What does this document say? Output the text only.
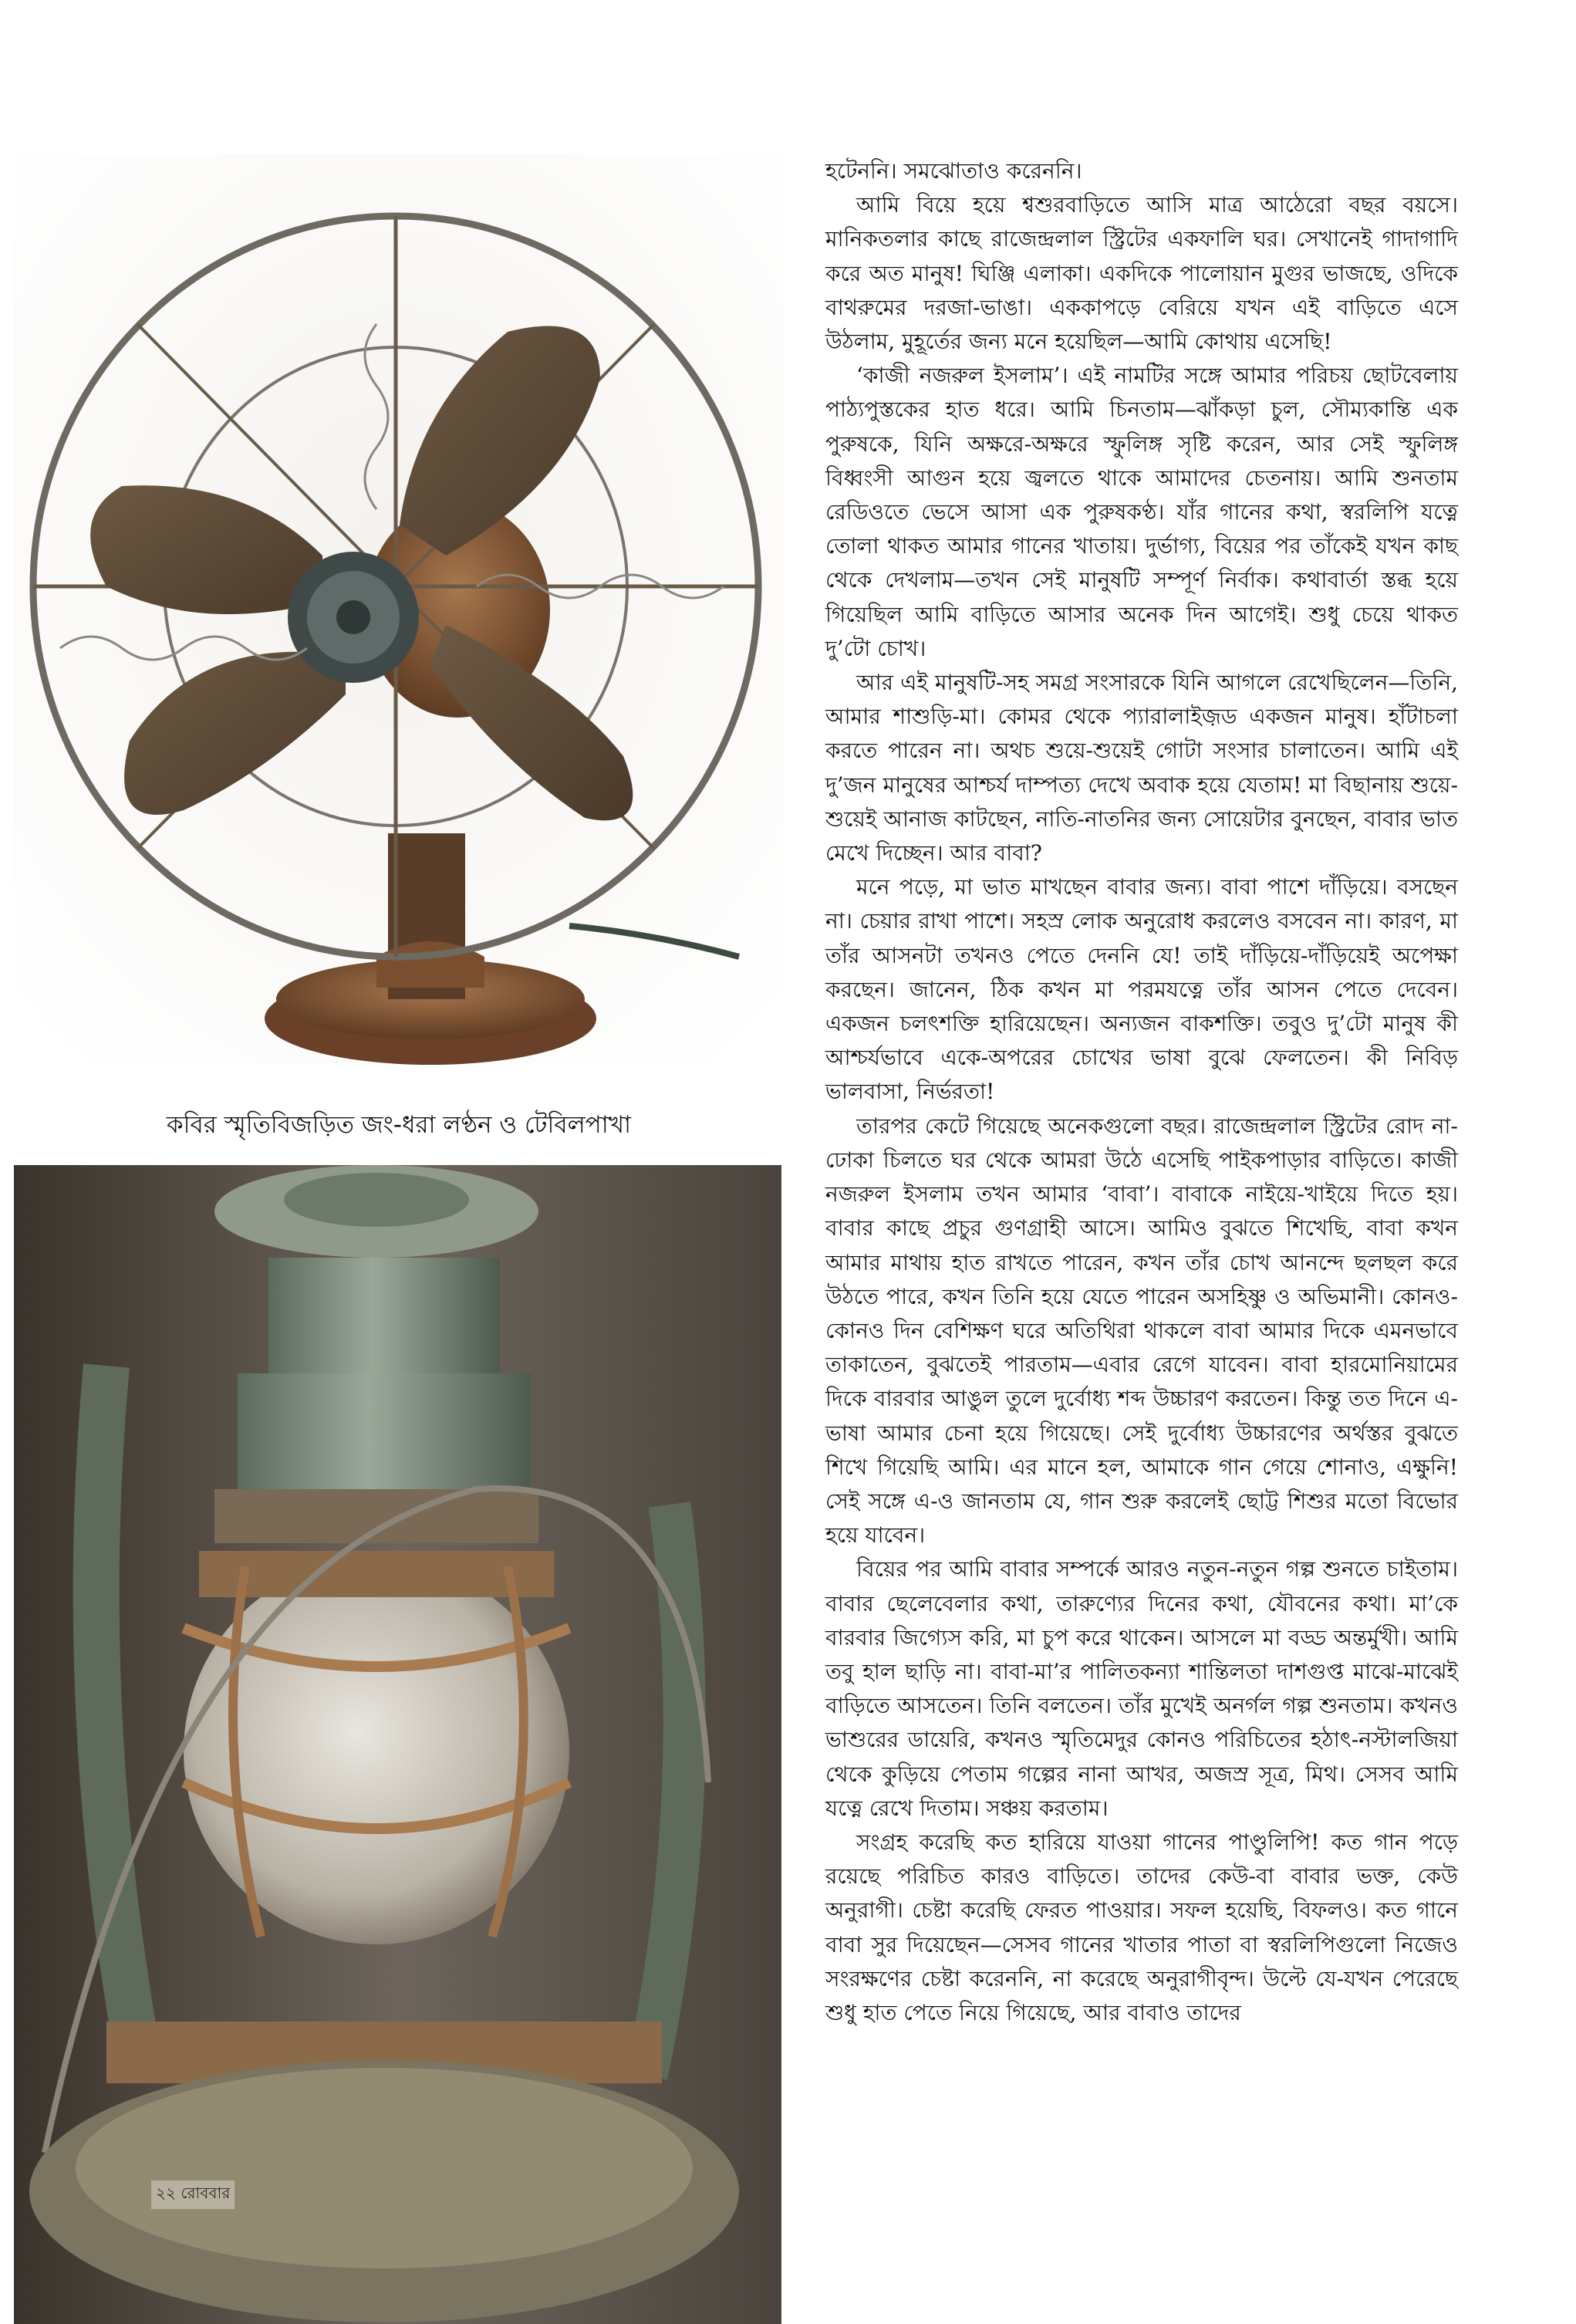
কবির স্মৃতিবিজড়িত জং-ধরা লণ্ঠন ও টেবিলপাখা
২২ রোববার

হটেননি। সমঝোতাও করেননি।

আমি বিয়ে হয়ে শ্বশুরবাড়িতে আসি মাত্র আঠেরো বছর বয়সে। মানিকতলার কাছে রাজেন্দ্রলাল স্ট্রিটের একফালি ঘর। সেখানেই গাদাগাদি করে অত মানুষ! ঘিঞ্জি এলাকা। একদিকে পালোয়ান মুগুর ভাজছে, ওদিকে বাথরুমের দরজা-ভাঙা। এককাপড়ে বেরিয়ে যখন এই বাড়িতে এসে উঠলাম, মুহূর্তের জন্য মনে হয়েছিল—আমি কোথায় এসেছি!

‘কাজী নজরুল ইসলাম’। এই নামটির সঙ্গে আমার পরিচয় ছোটবেলায় পাঠ্যপুস্তকের হাত ধরে। আমি চিনতাম—ঝাঁকড়া চুল, সৌম্যকান্তি এক পুরুষকে, যিনি অক্ষরে-অক্ষরে স্ফুলিঙ্গ সৃষ্টি করেন, আর সেই স্ফুলিঙ্গ বিধ্বংসী আগুন হয়ে জ্বলতে থাকে আমাদের চেতনায়। আমি শুনতাম রেডিওতে ভেসে আসা এক পুরুষকণ্ঠ। যাঁর গানের কথা, স্বরলিপি যত্নে তোলা থাকত আমার গানের খাতায়। দুর্ভাগ্য, বিয়ের পর তাঁকেই যখন কাছ থেকে দেখলাম—তখন সেই মানুষটি সম্পূর্ণ নির্বাক। কথাবার্তা স্তব্ধ হয়ে গিয়েছিল আমি বাড়িতে আসার অনেক দিন আগেই। শুধু চেয়ে থাকত দু’টো চোখ।

আর এই মানুষটি-সহ সমগ্র সংসারকে যিনি আগলে রেখেছিলেন—তিনি, আমার শাশুড়ি-মা। কোমর থেকে প্যারালাইজ়ড একজন মানুষ। হাঁটাচলা করতে পারেন না। অথচ শুয়ে-শুয়েই গোটা সংসার চালাতেন। আমি এই দু’জন মানুষের আশ্চর্য দাম্পত্য দেখে অবাক হয়ে যেতাম! মা বিছানায় শুয়ে-শুয়েই আনাজ কাটছেন, নাতি-নাতনির জন্য সোয়েটার বুনছেন, বাবার ভাত মেখে দিচ্ছেন। আর বাবা?

মনে পড়ে, মা ভাত মাখছেন বাবার জন্য। বাবা পাশে দাঁড়িয়ে। বসছেন না। চেয়ার রাখা পাশে। সহস্র লোক অনুরোধ করলেও বসবেন না। কারণ, মা তাঁর আসনটা তখনও পেতে দেননি যে! তাই দাঁড়িয়ে-দাঁড়িয়েই অপেক্ষা করছেন। জানেন, ঠিক কখন মা পরমযত্নে তাঁর আসন পেতে দেবেন। একজন চলৎশক্তি হারিয়েছেন। অন্যজন বাকশক্তি। তবুও দু’টো মানুষ কী আশ্চর্যভাবে একে-অপরের চোখের ভাষা বুঝে ফেলতেন। কী নিবিড় ভালবাসা, নির্ভরতা!

তারপর কেটে গিয়েছে অনেকগুলো বছর। রাজেন্দ্রলাল স্ট্রিটের রোদ না-ঢোকা চিলতে ঘর থেকে আমরা উঠে এসেছি পাইকপাড়ার বাড়িতে। কাজী নজরুল ইসলাম তখন আমার ‘বাবা’। বাবাকে নাইয়ে-খাইয়ে দিতে হয়। বাবার কাছে প্রচুর গুণগ্রাহী আসে। আমিও বুঝতে শিখেছি, বাবা কখন আমার মাথায় হাত রাখতে পারেন, কখন তাঁর চোখ আনন্দে ছলছল করে উঠতে পারে, কখন তিনি হয়ে যেতে পারেন অসহিষ্ণু ও অভিমানী। কোনও-কোনও দিন বেশিক্ষণ ঘরে অতিথিরা থাকলে বাবা আমার দিকে এমনভাবে তাকাতেন, বুঝতেই পারতাম—এবার রেগে যাবেন। বাবা হারমোনিয়ামের দিকে বারবার আঙুল তুলে দুর্বোধ্য শব্দ উচ্চারণ করতেন। কিন্তু তত দিনে এ-ভাষা আমার চেনা হয়ে গিয়েছে। সেই দুর্বোধ্য উচ্চারণের অর্থস্তর বুঝতে শিখে গিয়েছি আমি। এর মানে হল, আমাকে গান গেয়ে শোনাও, এক্ষুনি! সেই সঙ্গে এ-ও জানতাম যে, গান শুরু করলেই ছোট্ট শিশুর মতো বিভোর হয়ে যাবেন।

বিয়ের পর আমি বাবার সম্পর্কে আরও নতুন-নতুন গল্প শুনতে চাইতাম। বাবার ছেলেবেলার কথা, তারুণ্যের দিনের কথা, যৌবনের কথা। মা’কে বারবার জিগ্যেস করি, মা চুপ করে থাকেন। আসলে মা বড্ড অন্তর্মুখী। আমি তবু হাল ছাড়ি না। বাবা-মা’র পালিতকন্যা শান্তিলতা দাশগুপ্ত মাঝে-মাঝেই বাড়িতে আসতেন। তিনি বলতেন। তাঁর মুখেই অনর্গল গল্প শুনতাম। কখনও ভাশুরের ডায়েরি, কখনও স্মৃতিমেদুর কোনও পরিচিতের হঠাৎ-নস্টালজিয়া থেকে কুড়িয়ে পেতাম গল্পের নানা আখর, অজস্র সূত্র, মিথ। সেসব আমি যত্নে রেখে দিতাম। সঞ্চয় করতাম।

সংগ্রহ করেছি কত হারিয়ে যাওয়া গানের পাণ্ডুলিপি! কত গান পড়ে রয়েছে পরিচিত কারও বাড়িতে। তাদের কেউ-বা বাবার ভক্ত, কেউ অনুরাগী। চেষ্টা করেছি ফেরত পাওয়ার। সফল হয়েছি, বিফলও। কত গানে বাবা সুর দিয়েছেন—সেসব গানের খাতার পাতা বা স্বরলিপিগুলো নিজেও সংরক্ষণের চেষ্টা করেননি, না করেছে অনুরাগীবৃন্দ। উল্টে যে-যখন পেরেছে শুধু হাত পেতে নিয়ে গিয়েছে, আর বাবাও তাদের
